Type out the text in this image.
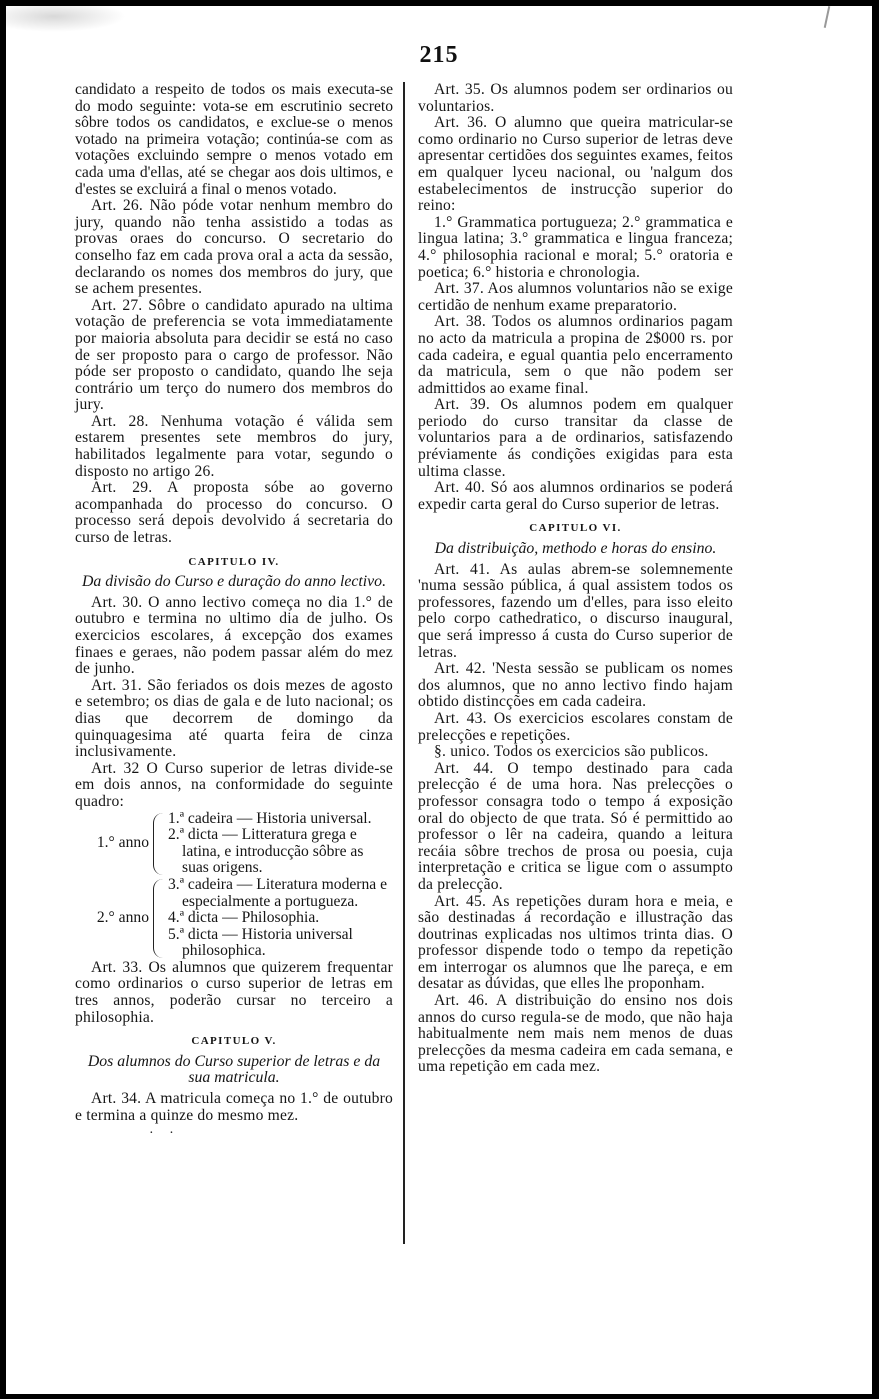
215

candidato a respeito de todos os mais executa-se do modo seguinte: vota-se em escrutinio secreto sôbre todos os candidatos, e exclue-se o menos votado na primeira votação; continúa-se com as votações excluindo sempre o menos votado em cada uma d'ellas, até se chegar aos dois ultimos, e d'estes se excluirá a final o menos votado.

Art. 26. Não póde votar nenhum membro do jury, quando não tenha assistido a todas as provas oraes do concurso. O secretario do conselho faz em cada prova oral a acta da sessão, declarando os nomes dos membros do jury, que se achem presentes.

Art. 27. Sôbre o candidato apurado na ultima votação de preferencia se vota immediatamente por maioria absoluta para decidir se está no caso de ser proposto para o cargo de professor. Não póde ser proposto o candidato, quando lhe seja contrário um terço do numero dos membros do jury.

Art. 28. Nenhuma votação é válida sem estarem presentes sete membros do jury, habilitados legalmente para votar, segundo o disposto no artigo 26.

Art. 29. A proposta sóbe ao governo acompanhada do processo do concurso. O processo será depois devolvido á secretaria do curso de letras.

CAPITULO IV.
Da divisão do Curso e duração do anno lectivo.

Art. 30. O anno lectivo começa no dia 1.° de outubro e termina no ultimo dia de julho. Os exercicios escolares, á excepção dos exames finaes e geraes, não podem passar além do mez de junho.

Art. 31. São feriados os dois mezes de agosto e setembro; os dias de gala e de luto nacional; os dias que decorrem de domingo da quinquagesima até quarta feira de cinza inclusivamente.

Art. 32 O Curso superior de letras divide-se em dois annos, na conformidade do seguinte quadro:

1.° anno
1.ª cadeira — Historia universal.
2.ª dicta — Litteratura grega e latina, e introducção sôbre as suas origens.
2.° anno
3.ª cadeira — Literatura moderna e especialmente a portugueza.
4.ª dicta — Philosophia.
5.ª dicta — Historia universal philosophica.

Art. 33. Os alumnos que quizerem frequentar como ordinarios o curso superior de letras em tres annos, poderão cursar no terceiro a philosophia.

CAPITULO V.
Dos alumnos do Curso superior de letras e da sua matricula.

Art. 34. A matricula começa no 1.° de outubro e termina a quinze do mesmo mez.

· ·

Art. 35. Os alumnos podem ser ordinarios ou voluntarios.

Art. 36. O alumno que queira matricular-se como ordinario no Curso superior de letras deve apresentar certidões dos seguintes exames, feitos em qualquer lyceu nacional, ou 'nalgum dos estabelecimentos de instrucção superior do reino:

1.° Grammatica portugueza; 2.° grammatica e lingua latina; 3.° grammatica e lingua franceza; 4.° philosophia racional e moral; 5.° oratoria e poetica; 6.° historia e chronologia.

Art. 37. Aos alumnos voluntarios não se exige certidão de nenhum exame preparatorio.

Art. 38. Todos os alumnos ordinarios pagam no acto da matricula a propina de 2$000 rs. por cada cadeira, e egual quantia pelo encerramento da matricula, sem o que não podem ser admittidos ao exame final.

Art. 39. Os alumnos podem em qualquer periodo do curso transitar da classe de voluntarios para a de ordinarios, satisfazendo préviamente ás condições exigidas para esta ultima classe.

Art. 40. Só aos alumnos ordinarios se poderá expedir carta geral do Curso superior de letras.

CAPITULO VI.
Da distribuição, methodo e horas do ensino.

Art. 41. As aulas abrem-se solemnemente 'numa sessão pública, á qual assistem todos os professores, fazendo um d'elles, para isso eleito pelo corpo cathedratico, o discurso inaugural, que será impresso á custa do Curso superior de letras.

Art. 42. 'Nesta sessão se publicam os nomes dos alumnos, que no anno lectivo findo hajam obtido distincções em cada cadeira.

Art. 43. Os exercicios escolares constam de prelecções e repetições.

§. unico. Todos os exercicios são publicos.

Art. 44. O tempo destinado para cada prelecção é de uma hora. Nas prelecções o professor consagra todo o tempo á exposição oral do objecto de que trata. Só é permittido ao professor o lêr na cadeira, quando a leitura recáia sôbre trechos de prosa ou poesia, cuja interpretação e critica se ligue com o assumpto da prelecção.

Art. 45. As repetições duram hora e meia, e são destinadas á recordação e illustração das doutrinas explicadas nos ultimos trinta dias. O professor dispende todo o tempo da repetição em interrogar os alumnos que lhe pareça, e em desatar as dúvidas, que elles lhe proponham.

Art. 46. A distribuição do ensino nos dois annos do curso regula-se de modo, que não haja habitualmente nem mais nem menos de duas prelecções da mesma cadeira em cada semana, e uma repetição em cada mez.
